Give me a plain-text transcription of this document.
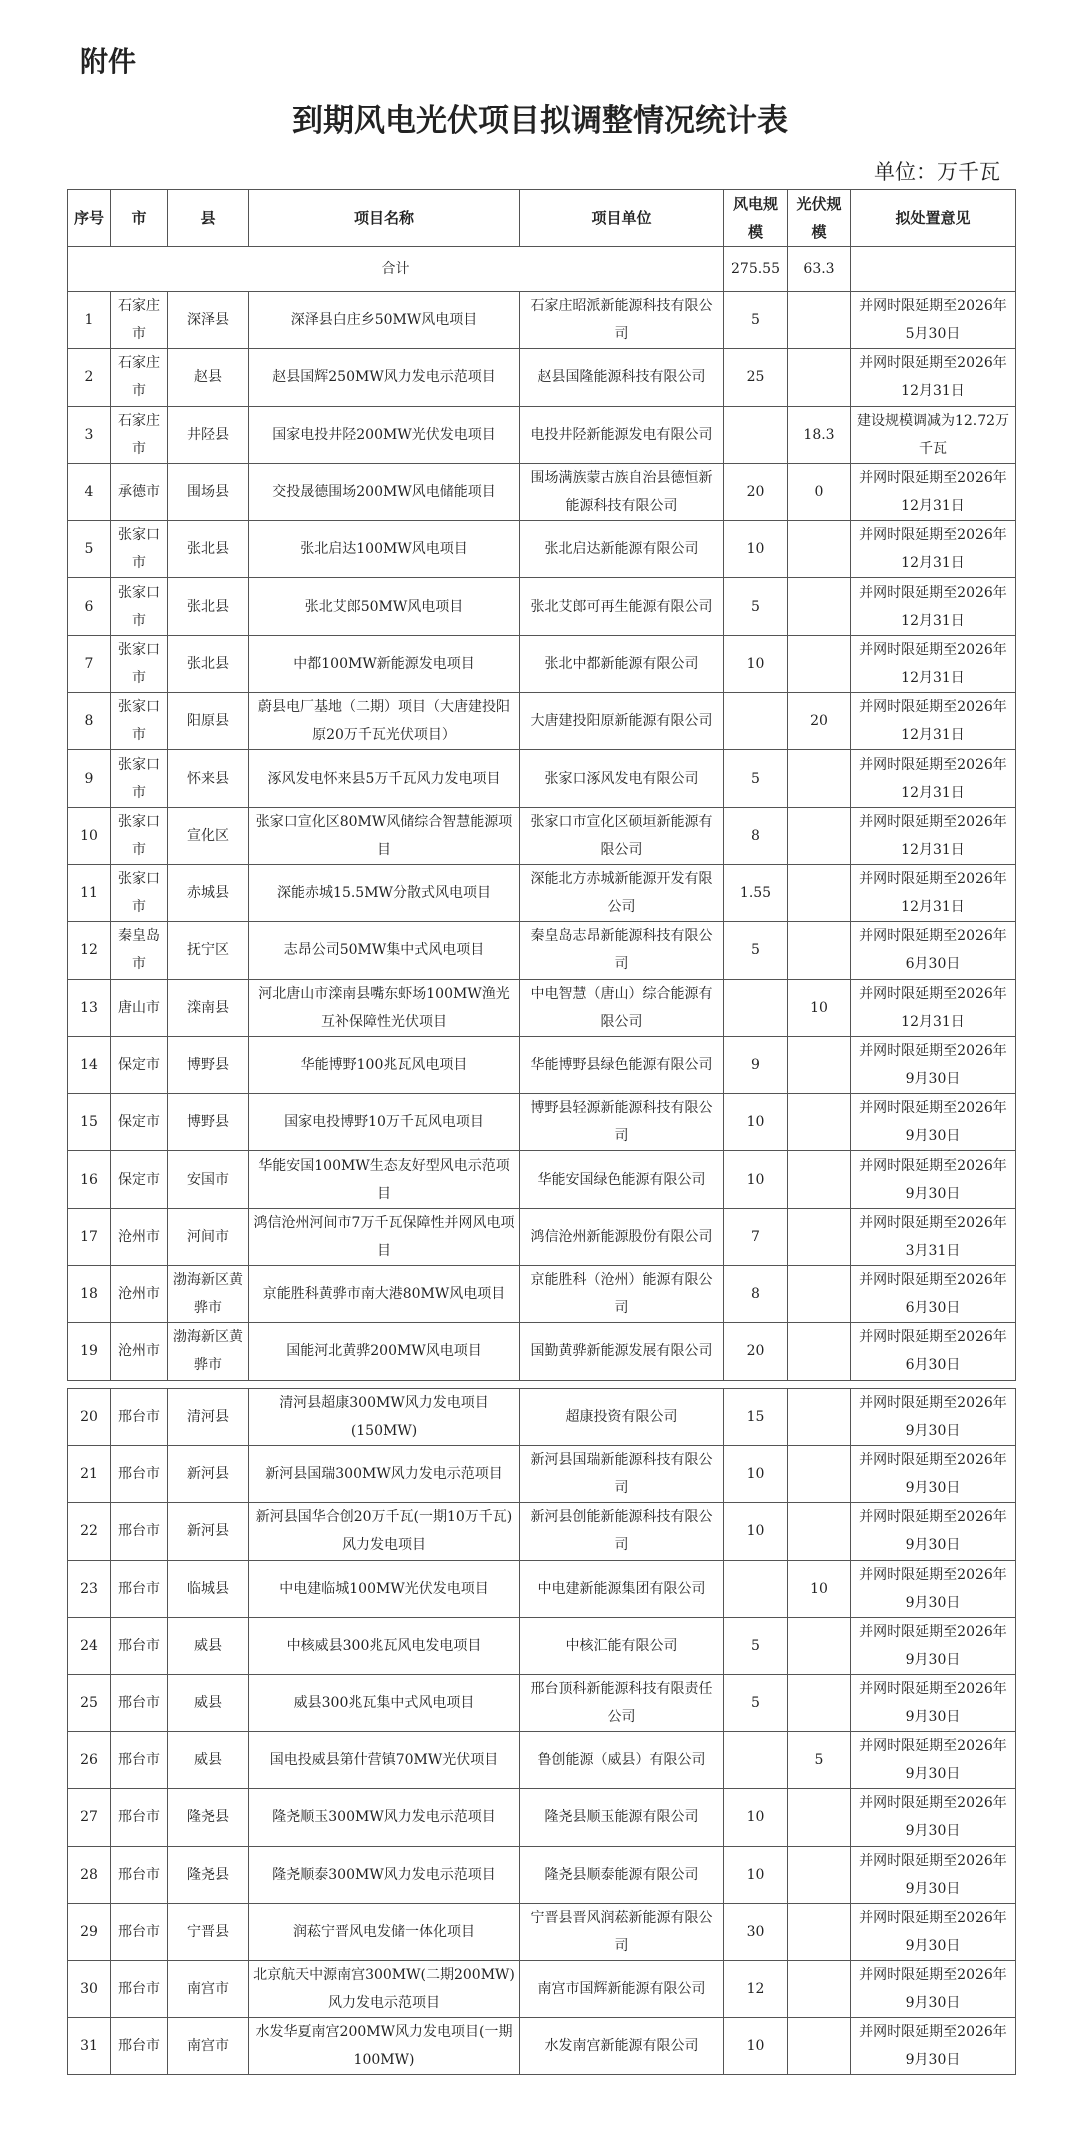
附件
到期风电光伏项目拟调整情况统计表
单位：万千瓦
序号	市	县	项目名称	项目单位	风电规模	光伏规模	拟处置意见
合计					275.55	63.3	
1	石家庄市	深泽县	深泽县白庄乡50MW风电项目	石家庄昭派新能源科技有限公司	5		并网时限延期至2026年5月30日
2	石家庄市	赵县	赵县国辉250MW风力发电示范项目	赵县国隆能源科技有限公司	25		并网时限延期至2026年12月31日
3	石家庄市	井陉县	国家电投井陉200MW光伏发电项目	电投井陉新能源发电有限公司		18.3	建设规模调减为12.72万千瓦
4	承德市	围场县	交投晟德围场200MW风电储能项目	围场满族蒙古族自治县德恒新能源科技有限公司	20	0	并网时限延期至2026年12月31日
5	张家口市	张北县	张北启达100MW风电项目	张北启达新能源有限公司	10		并网时限延期至2026年12月31日
6	张家口市	张北县	张北艾郎50MW风电项目	张北艾郎可再生能源有限公司	5		并网时限延期至2026年12月31日
7	张家口市	张北县	中都100MW新能源发电项目	张北中都新能源有限公司	10		并网时限延期至2026年12月31日
8	张家口市	阳原县	蔚县电厂基地（二期）项目（大唐建投阳原20万千瓦光伏项目）	大唐建投阳原新能源有限公司		20	并网时限延期至2026年12月31日
9	张家口市	怀来县	涿风发电怀来县5万千瓦风力发电项目	张家口涿风发电有限公司	5		并网时限延期至2026年12月31日
10	张家口市	宣化区	张家口宣化区80MW风储综合智慧能源项目	张家口市宣化区硕垣新能源有限公司	8		并网时限延期至2026年12月31日
11	张家口市	赤城县	深能赤城15.5MW分散式风电项目	深能北方赤城新能源开发有限公司	1.55		并网时限延期至2026年12月31日
12	秦皇岛市	抚宁区	志昂公司50MW集中式风电项目	秦皇岛志昂新能源科技有限公司	5		并网时限延期至2026年6月30日
13	唐山市	滦南县	河北唐山市滦南县嘴东虾场100MW渔光互补保障性光伏项目	中电智慧（唐山）综合能源有限公司		10	并网时限延期至2026年12月31日
14	保定市	博野县	华能博野100兆瓦风电项目	华能博野县绿色能源有限公司	9		并网时限延期至2026年9月30日
15	保定市	博野县	国家电投博野10万千瓦风电项目	博野县轻源新能源科技有限公司	10		并网时限延期至2026年9月30日
16	保定市	安国市	华能安国100MW生态友好型风电示范项目	华能安国绿色能源有限公司	10		并网时限延期至2026年9月30日
17	沧州市	河间市	鸿信沧州河间市7万千瓦保障性并网风电项目	鸿信沧州新能源股份有限公司	7		并网时限延期至2026年3月31日
18	沧州市	渤海新区黄骅市	京能胜科黄骅市南大港80MW风电项目	京能胜科（沧州）能源有限公司	8		并网时限延期至2026年6月30日
19	沧州市	渤海新区黄骅市	国能河北黄骅200MW风电项目	国勤黄骅新能源发展有限公司	20		并网时限延期至2026年6月30日
20	邢台市	清河县	清河县超康300MW风力发电项目(150MW)	超康投资有限公司	15		并网时限延期至2026年9月30日
21	邢台市	新河县	新河县国瑞300MW风力发电示范项目	新河县国瑞新能源科技有限公司	10		并网时限延期至2026年9月30日
22	邢台市	新河县	新河县国华合创20万千瓦(一期10万千瓦)风力发电项目	新河县创能新能源科技有限公司	10		并网时限延期至2026年9月30日
23	邢台市	临城县	中电建临城100MW光伏发电项目	中电建新能源集团有限公司		10	并网时限延期至2026年9月30日
24	邢台市	威县	中核威县300兆瓦风电发电项目	中核汇能有限公司	5		并网时限延期至2026年9月30日
25	邢台市	威县	威县300兆瓦集中式风电项目	邢台顶科新能源科技有限责任公司	5		并网时限延期至2026年9月30日
26	邢台市	威县	国电投威县第什营镇70MW光伏项目	鲁创能源（威县）有限公司		5	并网时限延期至2026年9月30日
27	邢台市	隆尧县	隆尧顺玉300MW风力发电示范项目	隆尧县顺玉能源有限公司	10		并网时限延期至2026年9月30日
28	邢台市	隆尧县	隆尧顺泰300MW风力发电示范项目	隆尧县顺泰能源有限公司	10		并网时限延期至2026年9月30日
29	邢台市	宁晋县	润菘宁晋风电发储一体化项目	宁晋县晋风润菘新能源有限公司	30		并网时限延期至2026年9月30日
30	邢台市	南宫市	北京航天中源南宫300MW(二期200MW)风力发电示范项目	南宫市国辉新能源有限公司	12		并网时限延期至2026年9月30日
31	邢台市	南宫市	水发华夏南宫200MW风力发电项目(一期100MW)	水发南宫新能源有限公司	10		并网时限延期至2026年9月30日
